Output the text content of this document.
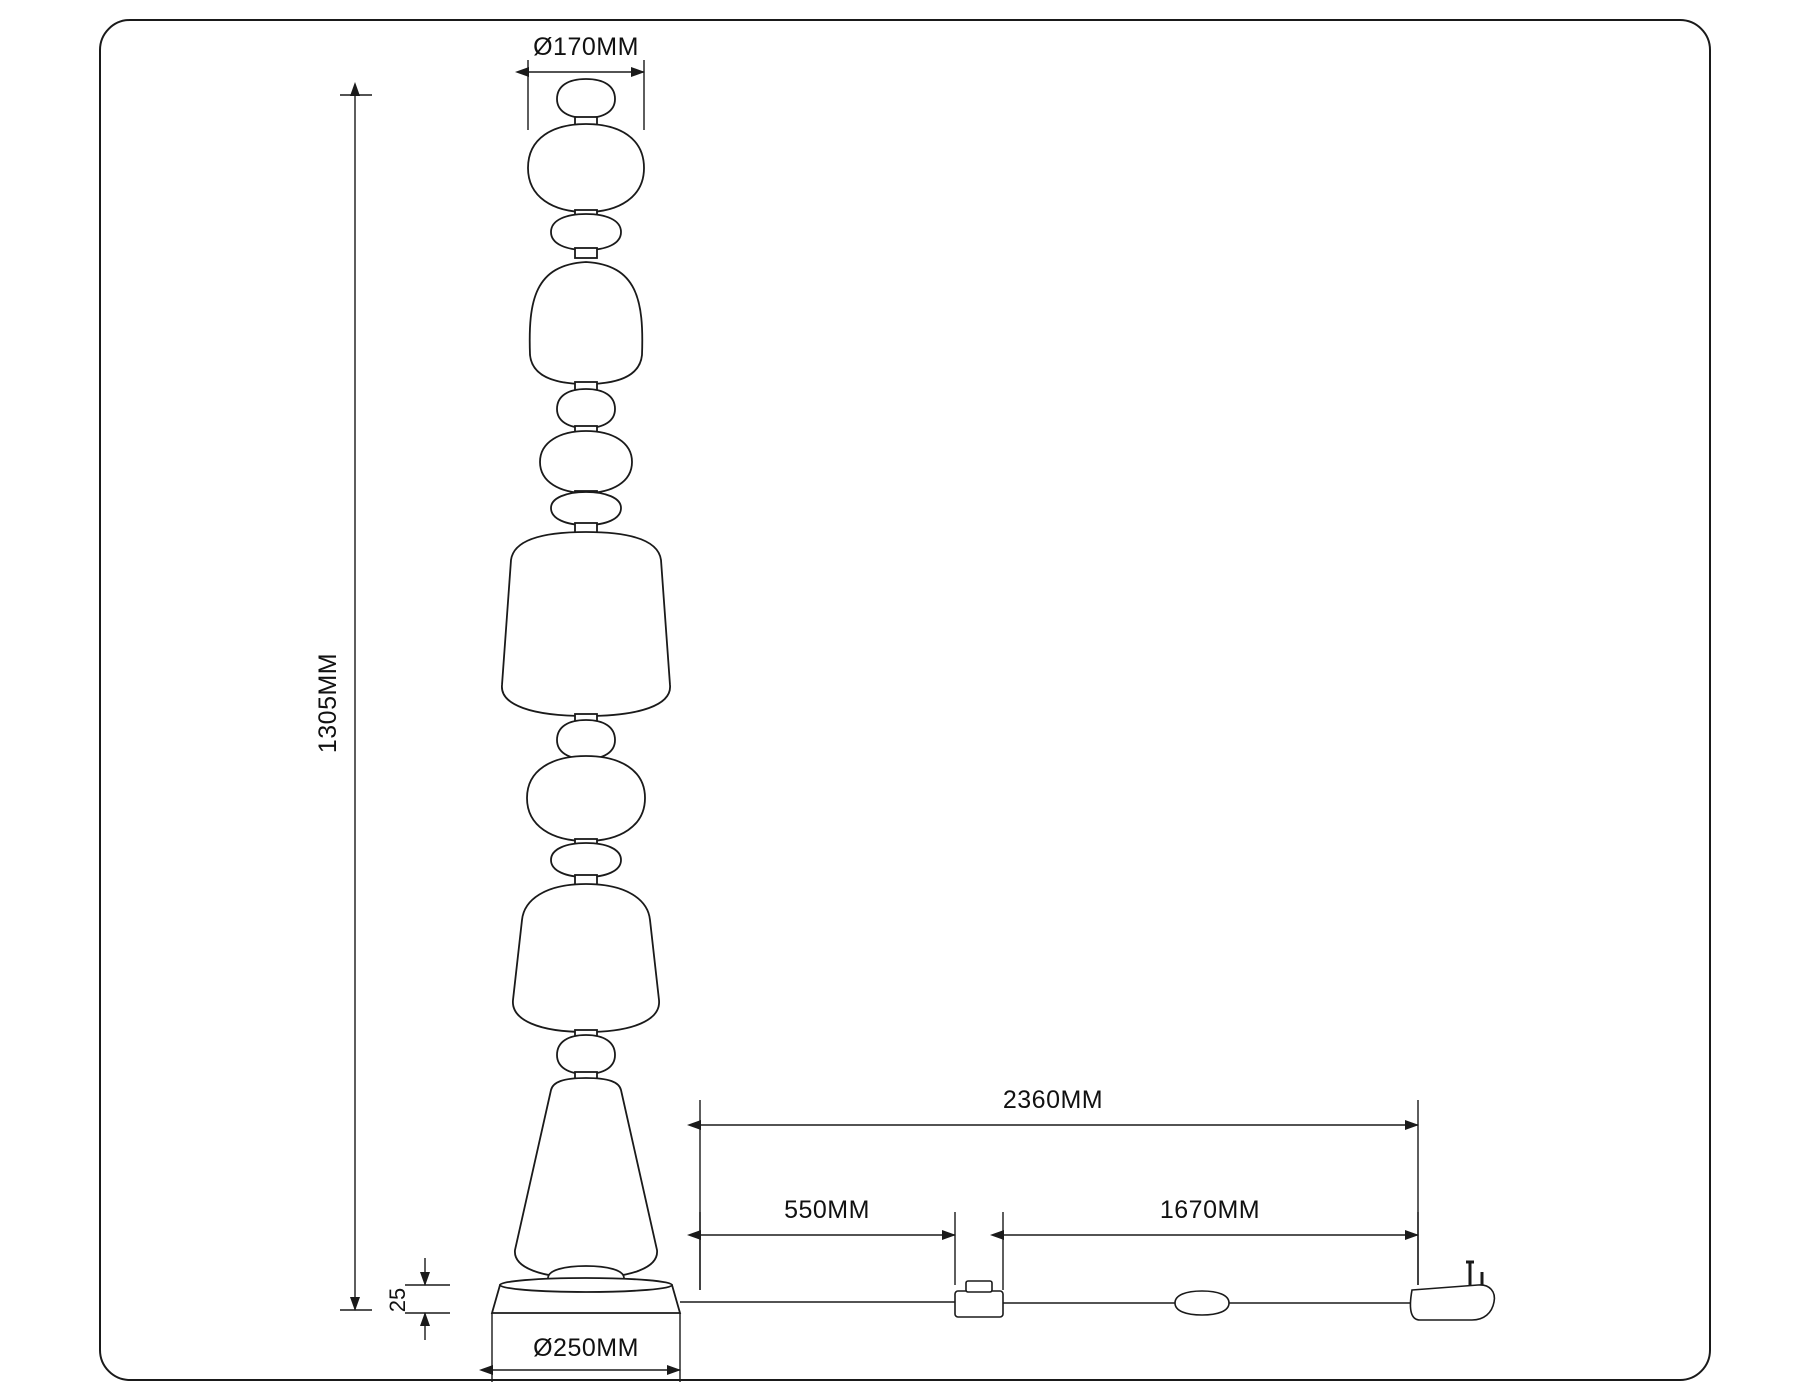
Ø170MM
1305MM
25
Ø250MM
2360MM
550MM	1670MM
